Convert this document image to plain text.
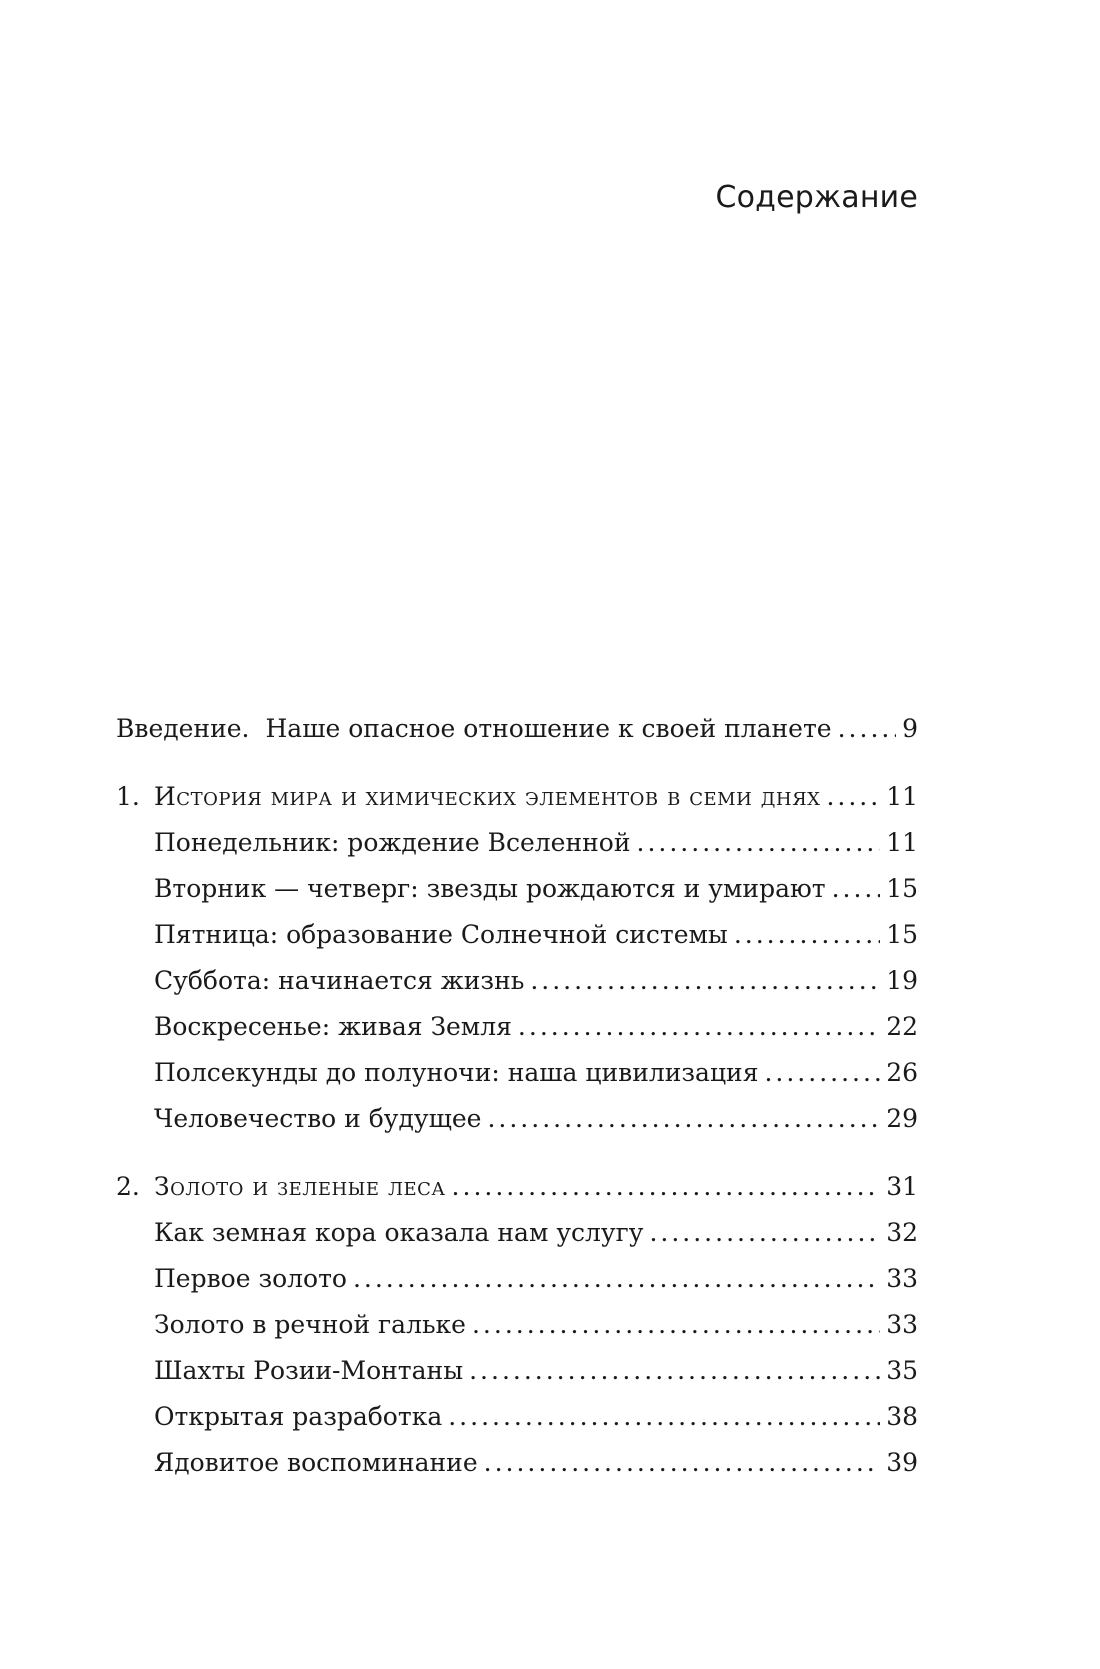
Содержание
Введение. Наше опасное отношение к своей планете .....	9
1. История мира и химических элементов в семи днях .....	11
Понедельник: рождение Вселенной .....	11
Вторник — четверг: звезды рождаются и умирают ..... 15
Пятница: образование Солнечной системы .....	15
Суббота: начинается жизнь .....	19
Воскресенье: живая Земля .....	22
Полсекунды до полуночи: наша цивилизация .....	26
Человечество и будущее .....	29
2. Золото и зеленые леса .....	31
Как земная кора оказала нам услугу .....	32
Первое золото .....	33
Золото в речной гальке .....	33
Шахты Розии-Монтаны .....	35
Открытая разработка .....	38
Ядовитое воспоминание .....	39
